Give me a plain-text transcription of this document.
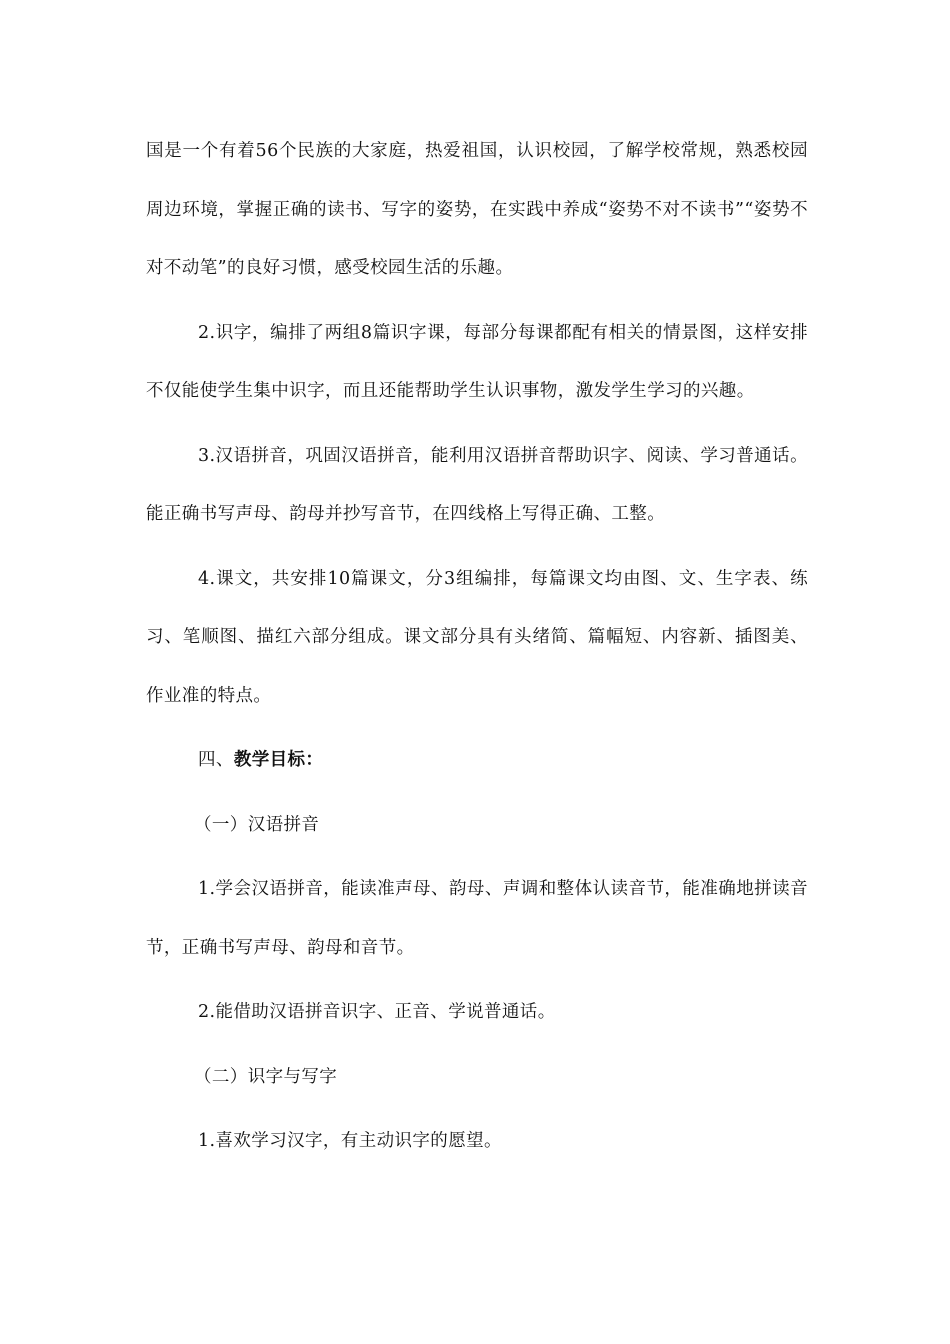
国是一个有着56个民族的大家庭，热爱祖国，认识校园，了解学校常规，熟悉校园周边环境，掌握正确的读书、写字的姿势，在实践中养成“姿势不对不读书”“姿势不对不动笔”的良好习惯，感受校园生活的乐趣。

2.识字，编排了两组8篇识字课，每部分每课都配有相关的情景图，这样安排不仅能使学生集中识字，而且还能帮助学生认识事物，激发学生学习的兴趣。

3.汉语拼音，巩固汉语拼音，能利用汉语拼音帮助识字、阅读、学习普通话。能正确书写声母、韵母并抄写音节，在四线格上写得正确、工整。

4.课文，共安排10篇课文，分3组编排，每篇课文均由图、文、生字表、练习、笔顺图、描红六部分组成。课文部分具有头绪简、篇幅短、内容新、插图美、作业准的特点。

四、教学目标：
（一）汉语拼音

1.学会汉语拼音，能读准声母、韵母、声调和整体认读音节，能准确地拼读音节，正确书写声母、韵母和音节。

2.能借助汉语拼音识字、正音、学说普通话。

（二）识字与写字

1.喜欢学习汉字，有主动识字的愿望。
